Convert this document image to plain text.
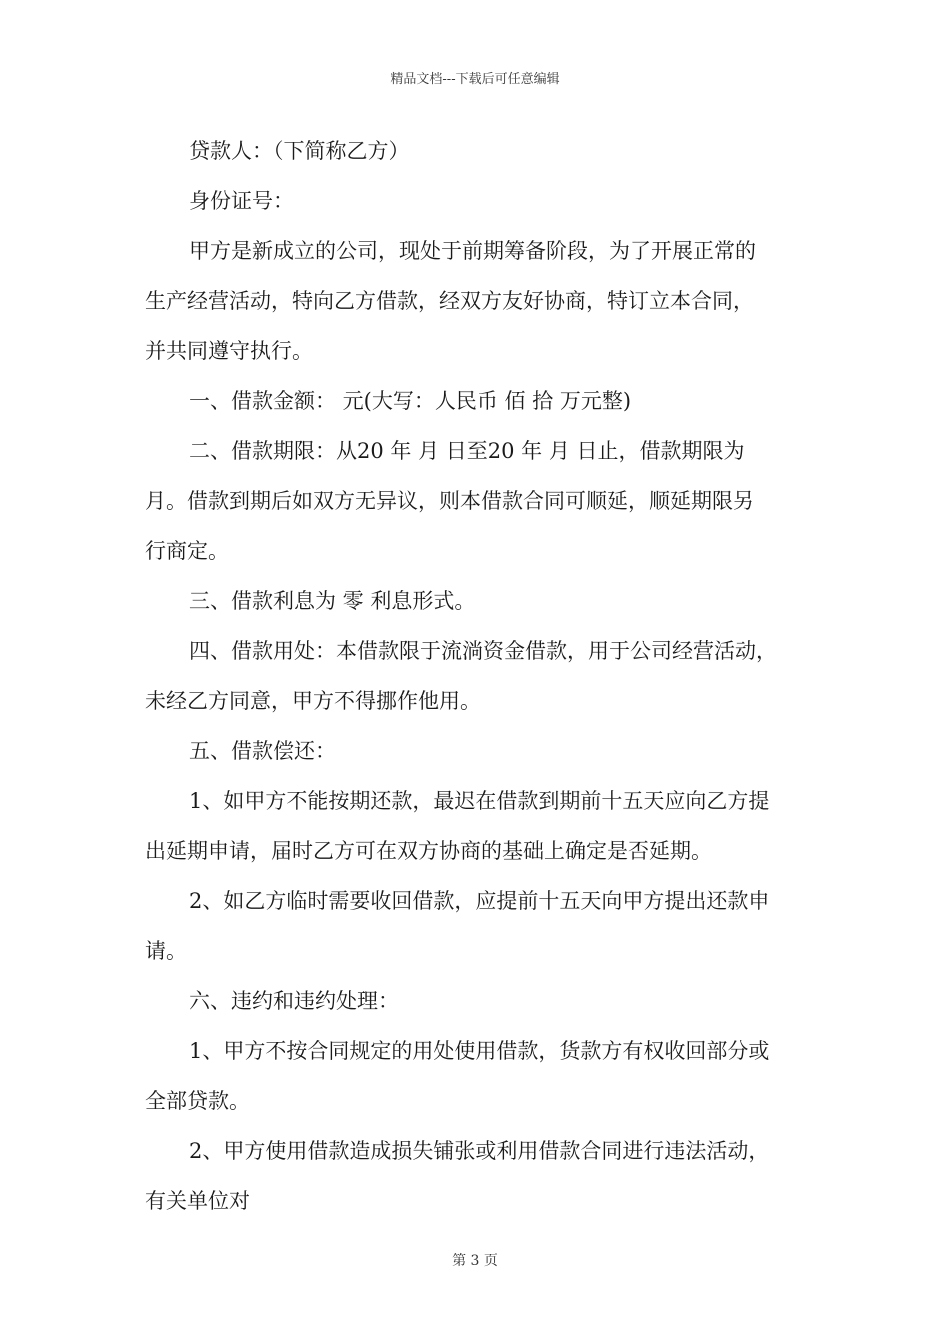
精品文档---下载后可任意编辑

贷款人：（下简称乙方）

身份证号：

甲方是新成立的公司，现处于前期筹备阶段，为了开展正常的

生产经营活动，特向乙方借款，经双方友好协商，特订立本合同，

并共同遵守执行。

一、借款金额： 元(大写：人民币 佰 拾 万元整)

二、借款期限：从20 年 月 日至20 年 月 日止，借款期限为

月。借款到期后如双方无异议，则本借款合同可顺延，顺延期限另

行商定。

三、借款利息为 零 利息形式。

四、借款用处：本借款限于流淌资金借款，用于公司经营活动，

未经乙方同意，甲方不得挪作他用。

五、借款偿还：

1、如甲方不能按期还款，最迟在借款到期前十五天应向乙方提

出延期申请，届时乙方可在双方协商的基础上确定是否延期。

2、如乙方临时需要收回借款，应提前十五天向甲方提出还款申

请。

六、违约和违约处理：

1、甲方不按合同规定的用处使用借款，货款方有权收回部分或

全部贷款。

2、甲方使用借款造成损失铺张或利用借款合同进行违法活动，

有关单位对

第 3 页
